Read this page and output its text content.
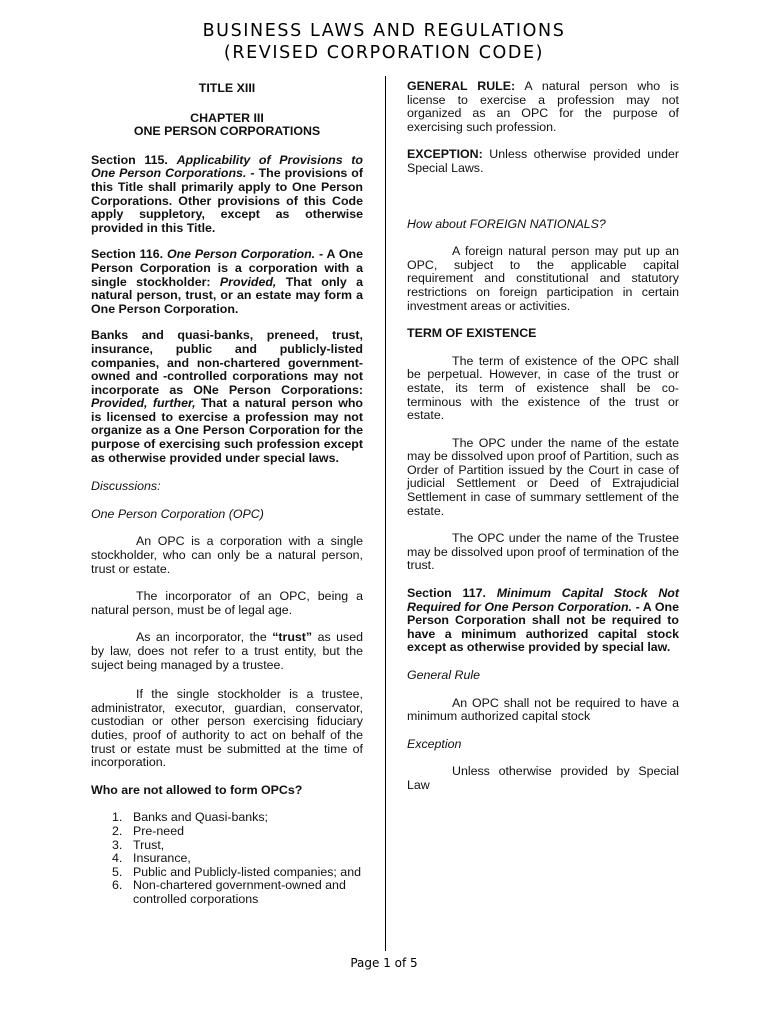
BUSINESS LAWS AND REGULATIONS
(REVISED CORPORATION CODE)

TITLE XIII

CHAPTER III

ONE PERSON CORPORATIONS

Section 115. Applicability of Provisions to One Person Corporations. - The provisions of this Title shall primarily apply to One Person Corporations. Other provisions of this Code apply suppletory, except as otherwise provided in this Title.

Section 116. One Person Corporation. - A One Person Corporation is a corporation with a single stockholder: Provided, That only a natural person, trust, or an estate may form a One Person Corporation.

Banks and quasi-banks, preneed, trust, insurance, public and publicly-listed companies, and non-chartered government-owned and -controlled corporations may not incorporate as ONe Person Corporations: Provided, further, That a natural person who is licensed to exercise a profession may not organize as a One Person Corporation for the purpose of exercising such profession except as otherwise provided under special laws.

Discussions:

One Person Corporation (OPC)

An OPC is a corporation with a single stockholder, who can only be a natural person, trust or estate.

The incorporator of an OPC, being a natural person, must be of legal age.

As an incorporator, the “trust” as used by law, does not refer to a trust entity, but the suject being managed by a trustee.

If the single stockholder is a trustee, administrator, executor, guardian, conservator, custodian or other person exercising fiduciary duties, proof of authority to act on behalf of the trust or estate must be submitted at the time of incorporation.

Who are not allowed to form OPCs?

1. Banks and Quasi-banks;
2. Pre-need
3. Trust,
4. Insurance,
5. Public and Publicly-listed companies; and
6. Non-chartered government-owned and controlled corporations

GENERAL RULE: A natural person who is license to exercise a profession may not organized as an OPC for the purpose of exercising such profession.

EXCEPTION: Unless otherwise provided under Special Laws.

How about FOREIGN NATIONALS?

A foreign natural person may put up an OPC, subject to the applicable capital requirement and constitutional and statutory restrictions on foreign participation in certain investment areas or activities.

TERM OF EXISTENCE

The term of existence of the OPC shall be perpetual. However, in case of the trust or estate, its term of existence shall be co-terminous with the existence of the trust or estate.

The OPC under the name of the estate may be dissolved upon proof of Partition, such as Order of Partition issued by the Court in case of judicial Settlement or Deed of Extrajudicial Settlement in case of summary settlement of the estate.

The OPC under the name of the Trustee may be dissolved upon proof of termination of the trust.

Section 117. Minimum Capital Stock Not Required for One Person Corporation. - A One Person Corporation shall not be required to have a minimum authorized capital stock except as otherwise provided by special law.

General Rule

An OPC shall not be required to have a minimum authorized capital stock

Exception

Unless otherwise provided by Special Law

Page 1 of 5
